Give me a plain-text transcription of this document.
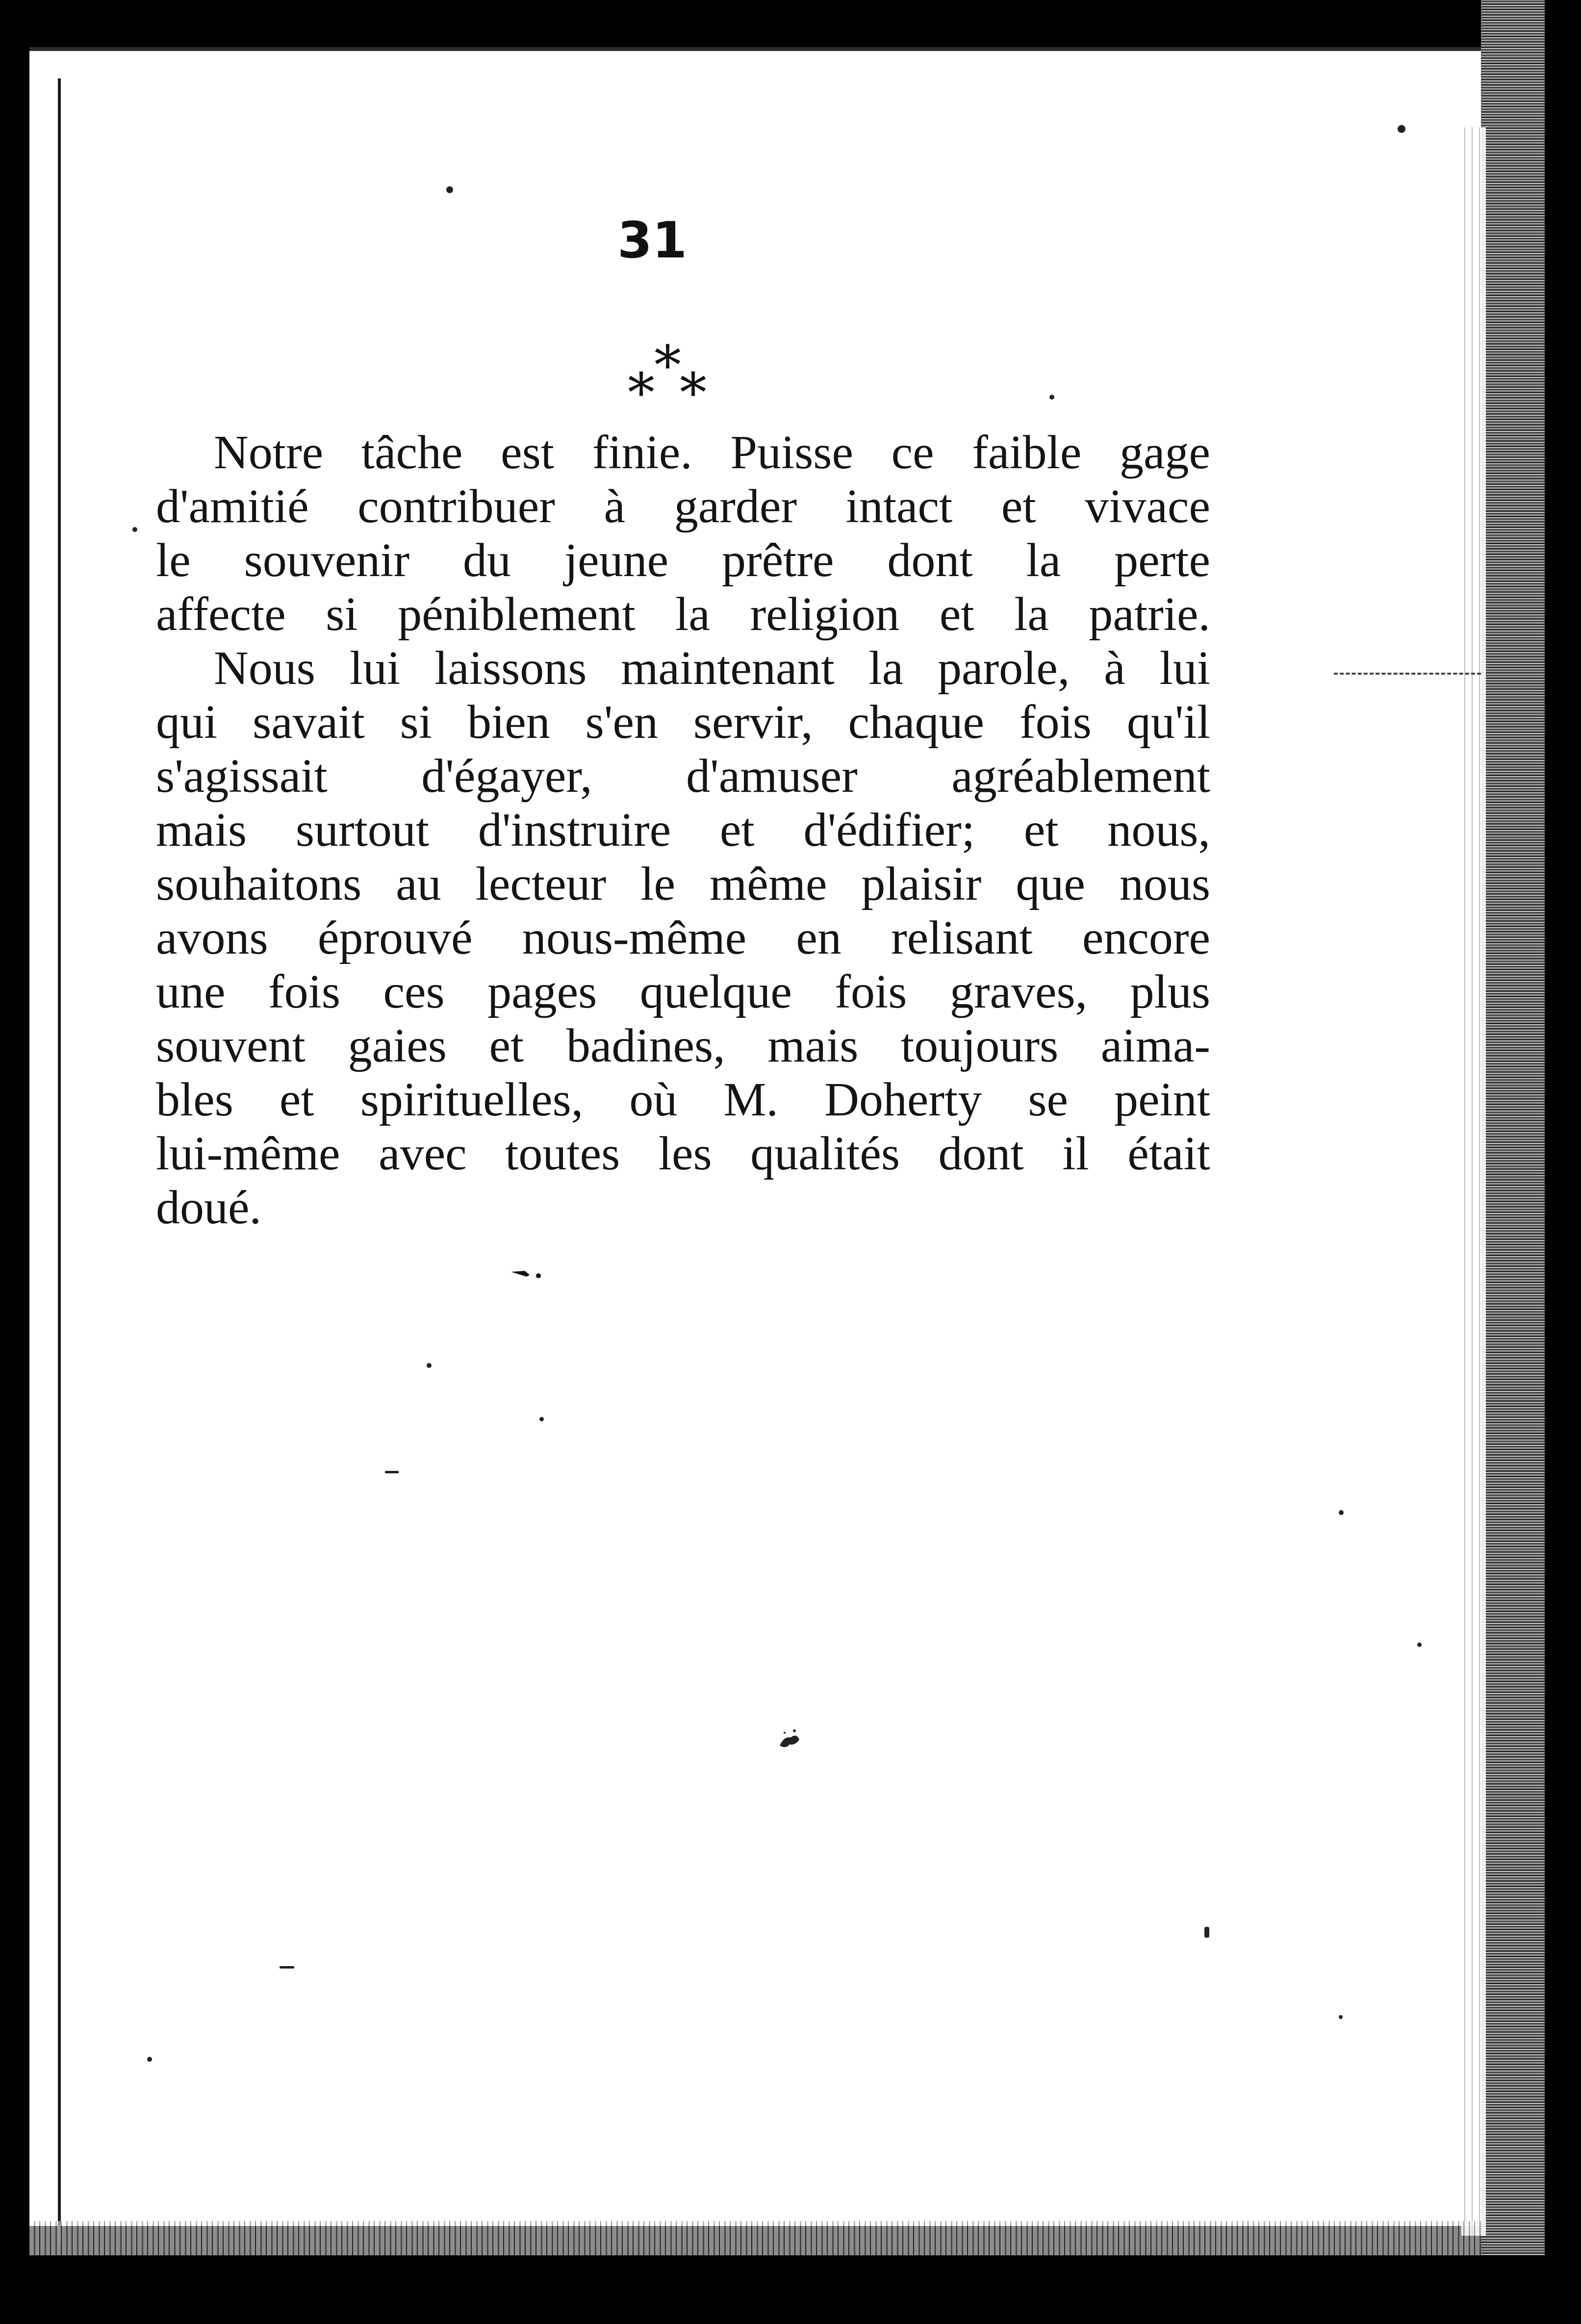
31
*
* *
Notre tâche est finie. Puisse ce faible gage
d'amitié contribuer à garder intact et vivace
le souvenir du jeune prêtre dont la perte
affecte si péniblement la religion et la patrie.
Nous lui laissons maintenant la parole, à lui
qui savait si bien s'en servir, chaque fois qu'il
s'agissait d'égayer, d'amuser agréablement
mais surtout d'instruire et d'édifier; et nous,
souhaitons au lecteur le même plaisir que nous
avons éprouvé nous-même en relisant encore
une fois ces pages quelque fois graves, plus
souvent gaies et badines, mais toujours aima-
bles et spirituelles, où M. Doherty se peint
lui-même avec toutes les qualités dont il était
doué.
